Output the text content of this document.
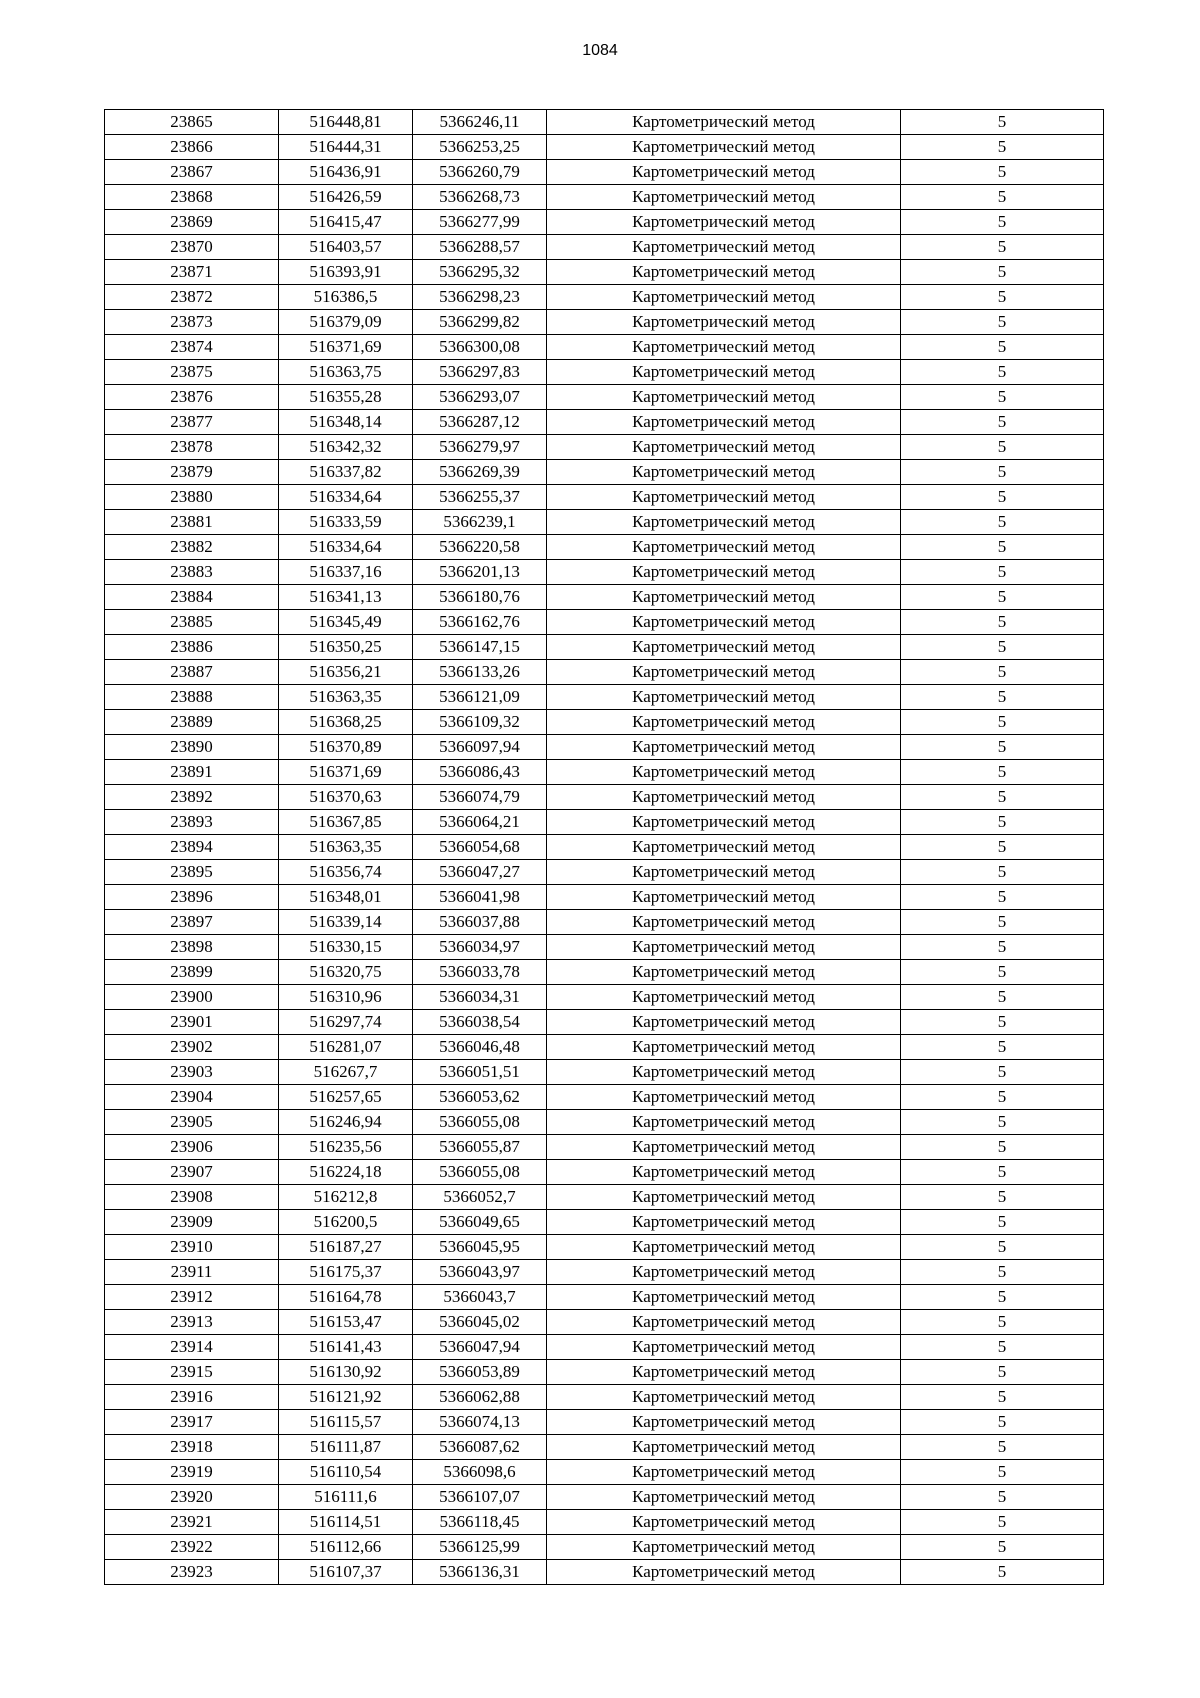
1084
23865	516448,81	5366246,11	Картометрический метод	5
23866	516444,31	5366253,25	Картометрический метод	5
23867	516436,91	5366260,79	Картометрический метод	5
23868	516426,59	5366268,73	Картометрический метод	5
23869	516415,47	5366277,99	Картометрический метод	5
23870	516403,57	5366288,57	Картометрический метод	5
23871	516393,91	5366295,32	Картометрический метод	5
23872	516386,5	5366298,23	Картометрический метод	5
23873	516379,09	5366299,82	Картометрический метод	5
23874	516371,69	5366300,08	Картометрический метод	5
23875	516363,75	5366297,83	Картометрический метод	5
23876	516355,28	5366293,07	Картометрический метод	5
23877	516348,14	5366287,12	Картометрический метод	5
23878	516342,32	5366279,97	Картометрический метод	5
23879	516337,82	5366269,39	Картометрический метод	5
23880	516334,64	5366255,37	Картометрический метод	5
23881	516333,59	5366239,1	Картометрический метод	5
23882	516334,64	5366220,58	Картометрический метод	5
23883	516337,16	5366201,13	Картометрический метод	5
23884	516341,13	5366180,76	Картометрический метод	5
23885	516345,49	5366162,76	Картометрический метод	5
23886	516350,25	5366147,15	Картометрический метод	5
23887	516356,21	5366133,26	Картометрический метод	5
23888	516363,35	5366121,09	Картометрический метод	5
23889	516368,25	5366109,32	Картометрический метод	5
23890	516370,89	5366097,94	Картометрический метод	5
23891	516371,69	5366086,43	Картометрический метод	5
23892	516370,63	5366074,79	Картометрический метод	5
23893	516367,85	5366064,21	Картометрический метод	5
23894	516363,35	5366054,68	Картометрический метод	5
23895	516356,74	5366047,27	Картометрический метод	5
23896	516348,01	5366041,98	Картометрический метод	5
23897	516339,14	5366037,88	Картометрический метод	5
23898	516330,15	5366034,97	Картометрический метод	5
23899	516320,75	5366033,78	Картометрический метод	5
23900	516310,96	5366034,31	Картометрический метод	5
23901	516297,74	5366038,54	Картометрический метод	5
23902	516281,07	5366046,48	Картометрический метод	5
23903	516267,7	5366051,51	Картометрический метод	5
23904	516257,65	5366053,62	Картометрический метод	5
23905	516246,94	5366055,08	Картометрический метод	5
23906	516235,56	5366055,87	Картометрический метод	5
23907	516224,18	5366055,08	Картометрический метод	5
23908	516212,8	5366052,7	Картометрический метод	5
23909	516200,5	5366049,65	Картометрический метод	5
23910	516187,27	5366045,95	Картометрический метод	5
23911	516175,37	5366043,97	Картометрический метод	5
23912	516164,78	5366043,7	Картометрический метод	5
23913	516153,47	5366045,02	Картометрический метод	5
23914	516141,43	5366047,94	Картометрический метод	5
23915	516130,92	5366053,89	Картометрический метод	5
23916	516121,92	5366062,88	Картометрический метод	5
23917	516115,57	5366074,13	Картометрический метод	5
23918	516111,87	5366087,62	Картометрический метод	5
23919	516110,54	5366098,6	Картометрический метод	5
23920	516111,6	5366107,07	Картометрический метод	5
23921	516114,51	5366118,45	Картометрический метод	5
23922	516112,66	5366125,99	Картометрический метод	5
23923	516107,37	5366136,31	Картометрический метод	5
